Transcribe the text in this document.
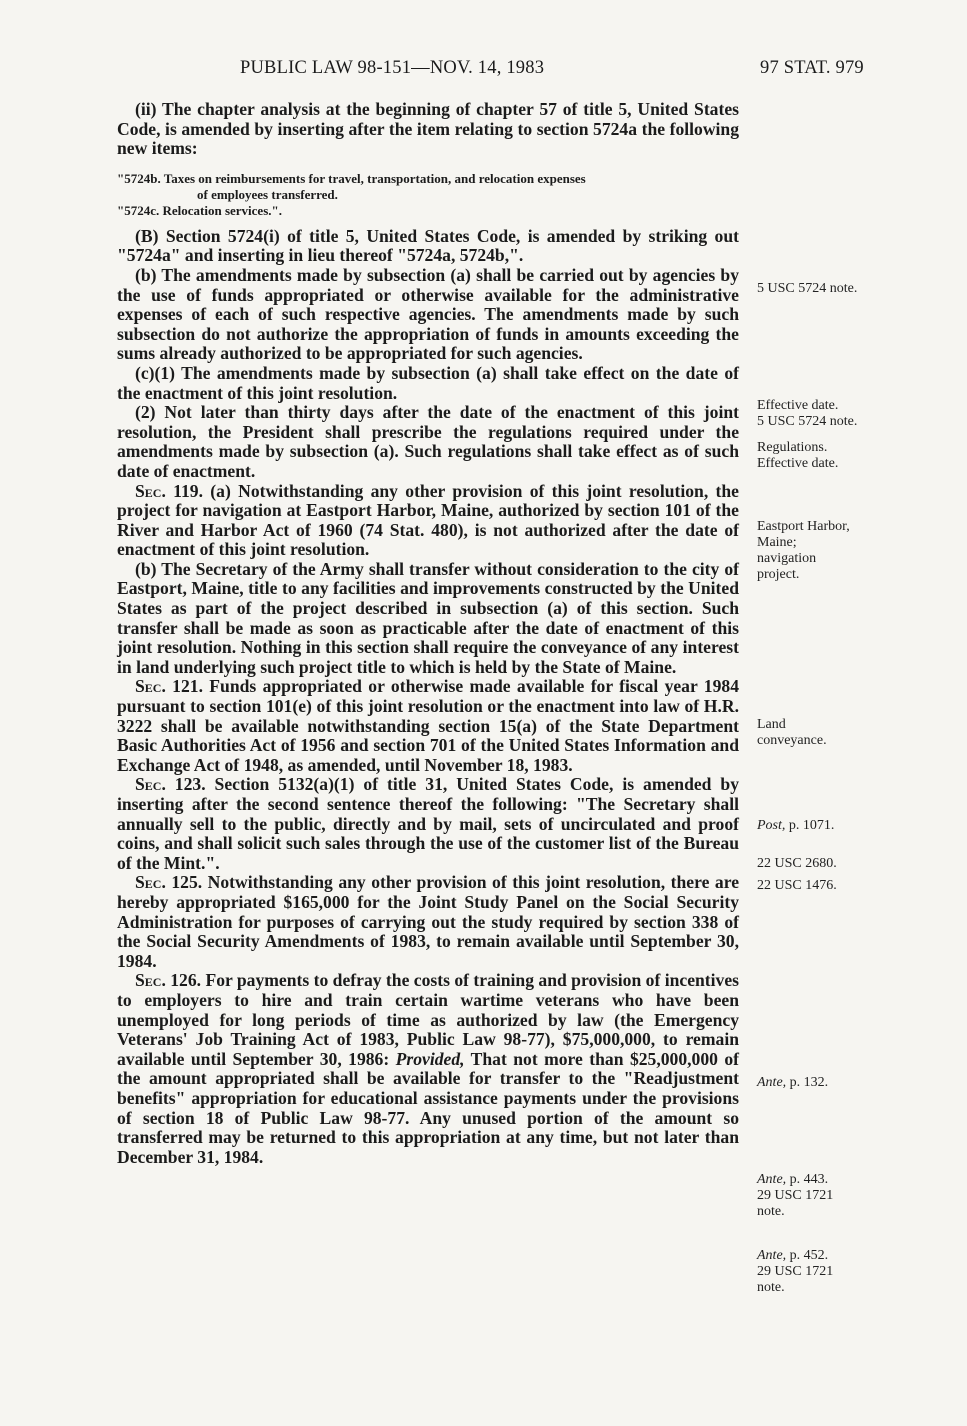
PUBLIC LAW 98-151—NOV. 14, 1983	97 STAT. 979

(ii) The chapter analysis at the beginning of chapter 57 of title 5, United States Code, is amended by inserting after the item relating to section 5724a the following new items:

"5724b. Taxes on reimbursements for travel, transportation, and relocation expenses
of employees transferred.
"5724c. Relocation services.".

(B) Section 5724(i) of title 5, United States Code, is amended by striking out "5724a" and inserting in lieu thereof "5724a, 5724b,".

(b) The amendments made by subsection (a) shall be carried out by agencies by the use of funds appropriated or otherwise available for the administrative expenses of each of such respective agencies. The amendments made by such subsection do not authorize the appropriation of funds in amounts exceeding the sums already authorized to be appropriated for such agencies.

(c)(1) The amendments made by subsection (a) shall take effect on the date of the enactment of this joint resolution.

(2) Not later than thirty days after the date of the enactment of this joint resolution, the President shall prescribe the regulations required under the amendments made by subsection (a). Such regulations shall take effect as of such date of enactment.

Sec. 119. (a) Notwithstanding any other provision of this joint resolution, the project for navigation at Eastport Harbor, Maine, authorized by section 101 of the River and Harbor Act of 1960 (74 Stat. 480), is not authorized after the date of enactment of this joint resolution.

(b) The Secretary of the Army shall transfer without consideration to the city of Eastport, Maine, title to any facilities and improvements constructed by the United States as part of the project described in subsection (a) of this section. Such transfer shall be made as soon as practicable after the date of enactment of this joint resolution. Nothing in this section shall require the conveyance of any interest in land underlying such project title to which is held by the State of Maine.

Sec. 121. Funds appropriated or otherwise made available for fiscal year 1984 pursuant to section 101(e) of this joint resolution or the enactment into law of H.R. 3222 shall be available notwithstanding section 15(a) of the State Department Basic Authorities Act of 1956 and section 701 of the United States Information and Exchange Act of 1948, as amended, until November 18, 1983.

Sec. 123. Section 5132(a)(1) of title 31, United States Code, is amended by inserting after the second sentence thereof the following: "The Secretary shall annually sell to the public, directly and by mail, sets of uncirculated and proof coins, and shall solicit such sales through the use of the customer list of the Bureau of the Mint.".

Sec. 125. Notwithstanding any other provision of this joint resolution, there are hereby appropriated $165,000 for the Joint Study Panel on the Social Security Administration for purposes of carrying out the study required by section 338 of the Social Security Amendments of 1983, to remain available until September 30, 1984.

Sec. 126. For payments to defray the costs of training and provision of incentives to employers to hire and train certain wartime veterans who have been unemployed for long periods of time as authorized by law (the Emergency Veterans' Job Training Act of 1983, Public Law 98-77), $75,000,000, to remain available until September 30, 1986: Provided, That not more than $25,000,000 of the amount appropriated shall be available for transfer to the "Readjustment benefits" appropriation for educational assistance payments under the provisions of section 18 of Public Law 98-77. Any unused portion of the amount so transferred may be returned to this appropriation at any time, but not later than December 31, 1984.

5 USC 5724 note.
Effective date.
5 USC 5724 note.
Regulations.
Effective date.
Eastport Harbor,
Maine;
navigation
project.
Land
conveyance.
Post, p. 1071.
22 USC 2680.
22 USC 1476.
Ante, p. 132.
Ante, p. 443.
29 USC 1721
note.
Ante, p. 452.
29 USC 1721
note.
